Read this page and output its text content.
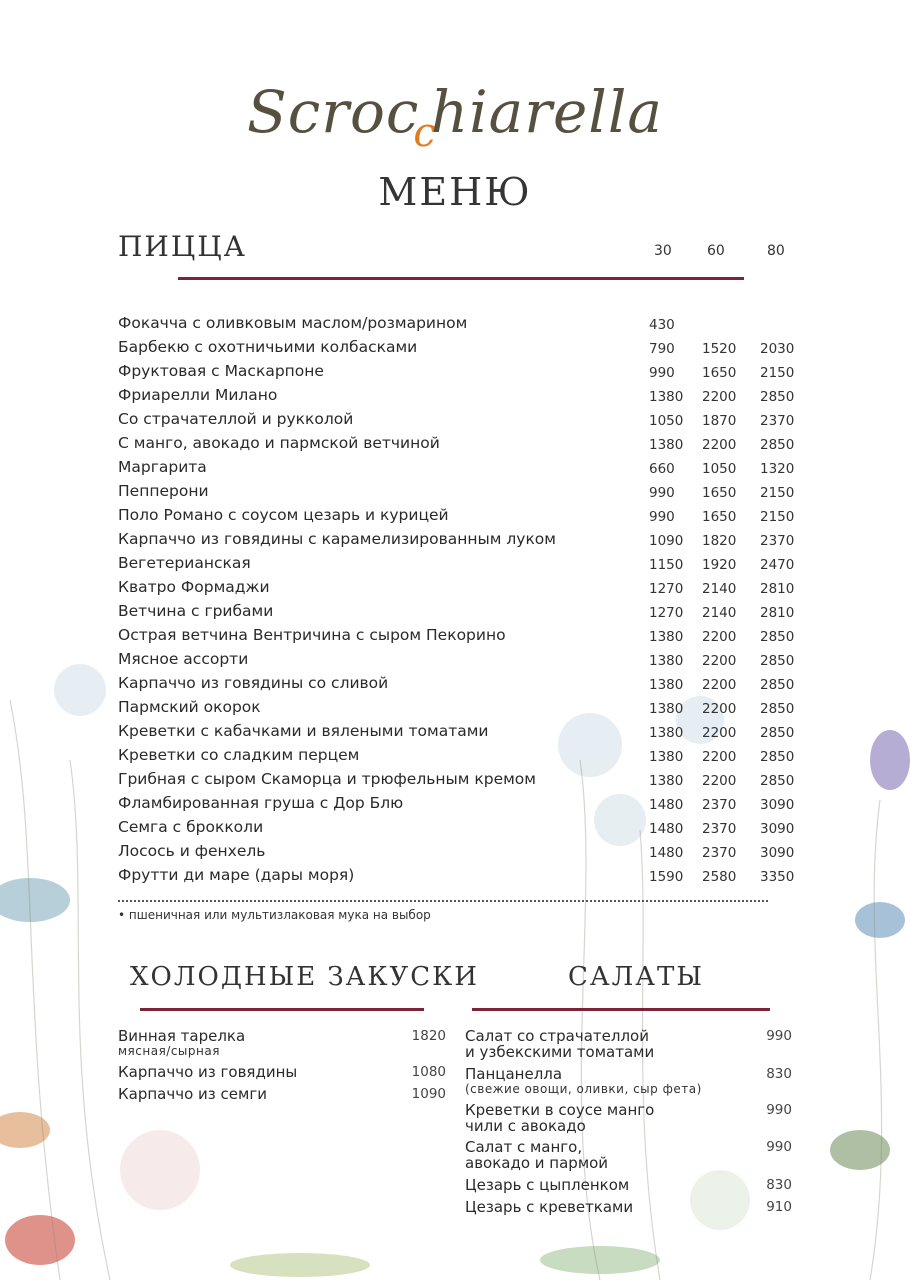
Scroc$_c$hiarella
МЕНЮ
ПИЦЦА	30	60	80
Фокачча с оливковым маслом/розмарином	430
Барбекю с охотничьими колбасками	790 1520 2030
Фруктовая с Маскарпоне	990 1650 2150
Фриарелли Милано	1380 2200 2850
Со страчателлой и рукколой	1050 1870 2370
С манго, авокадо и пармской ветчиной	1380 2200 2850
Маргарита	660 1050 1320
Пепперони	990 1650 2150
Поло Романо с соусом цезарь и курицей	990 1650 2150
Карпаччо из говядины с карамелизированным луком	1090 1820 2370
Вегетерианская	1150 1920 2470
Кватро Формаджи	1270 2140 2810
Ветчина с грибами	1270 2140 2810
Острая ветчина Вентричина с сыром Пекорино	1380 2200 2850
Мясное ассорти	1380 2200 2850
Карпаччо из говядины со сливой	1380 2200 2850
Пармский окорок	1380 2200 2850
Креветки с кабачками и вялеными томатами	1380 2200 2850
Креветки со сладким перцем	1380 2200 2850
Грибная с сыром Скаморца и трюфельным кремом	1380 2200 2850
Фламбированная груша с Дор Блю	1480 2370 3090
Семга с брокколи	1480 2370 3090
Лосось и фенхель	1480 2370 3090
Фрутти ди маре (дары моря)	1590 2580 3350
• пшеничная или мультизлаковая мука на выбор
ХОЛОДНЫЕ ЗАКУСКИ
Винная тарелка
мясная/сырная
1820
Карпаччо из говядины	1080
Карпаччо из семги	1090
САЛАТЫ
Салат со страчателлой
и узбекскими томатами
990
Панцанелла
(свежие овощи, оливки, сыр фета)
830
Креветки в соусе манго
чили с авокадо
990
Салат с манго,
авокадо и пармой
990
Цезарь с цыпленком	830
Цезарь с креветками	910
